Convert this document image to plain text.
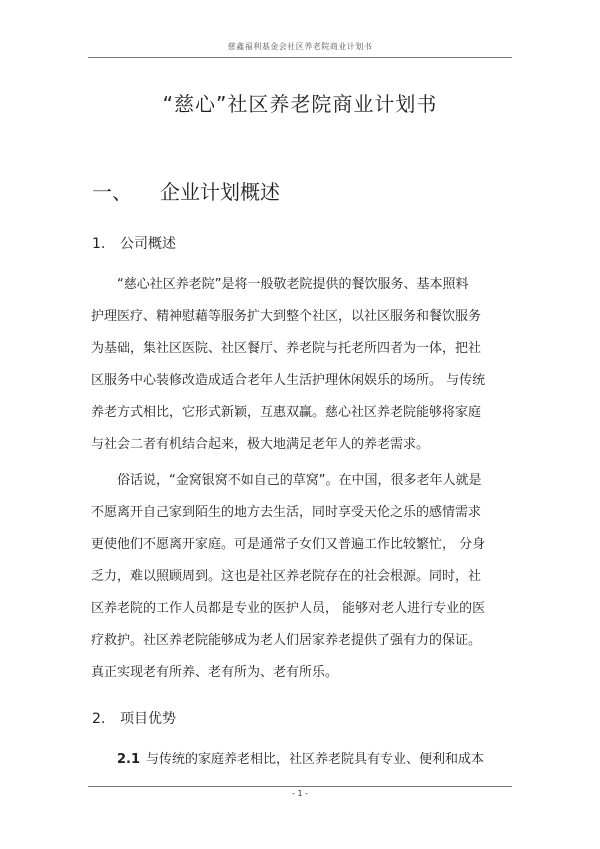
慈鑫福利基金会社区养老院商业计划书
“慈心”社区养老院商业计划书
一、 企业计划概述
1. 公司概述
“慈心社区养老院”是将一般敬老院提供的餐饮服务、基本照料
护理医疗、精神慰藉等服务扩大到整个社区，以社区服务和餐饮服务
为基础，集社区医院、社区餐厅、养老院与托老所四者为一体，把社
区服务中心装修改造成适合老年人生活护理休闲娱乐的场所。 与传统
养老方式相比，它形式新颖，互惠双赢。慈心社区养老院能够将家庭
与社会二者有机结合起来，极大地满足老年人的养老需求。
俗话说，“金窝银窝不如自己的草窝”。在中国，很多老年人就是
不愿离开自己家到陌生的地方去生活，同时享受天伦之乐的感情需求
更使他们不愿离开家庭。可是通常子女们又普遍工作比较繁忙， 分身
乏力，难以照顾周到。这也是社区养老院存在的社会根源。同时，社
区养老院的工作人员都是专业的医护人员， 能够对老人进行专业的医
疗救护。社区养老院能够成为老人们居家养老提供了强有力的保证。
真正实现老有所养、老有所为、老有所乐。
2. 项目优势
2.1 与传统的家庭养老相比，社区养老院具有专业、便利和成本
- 1 -
